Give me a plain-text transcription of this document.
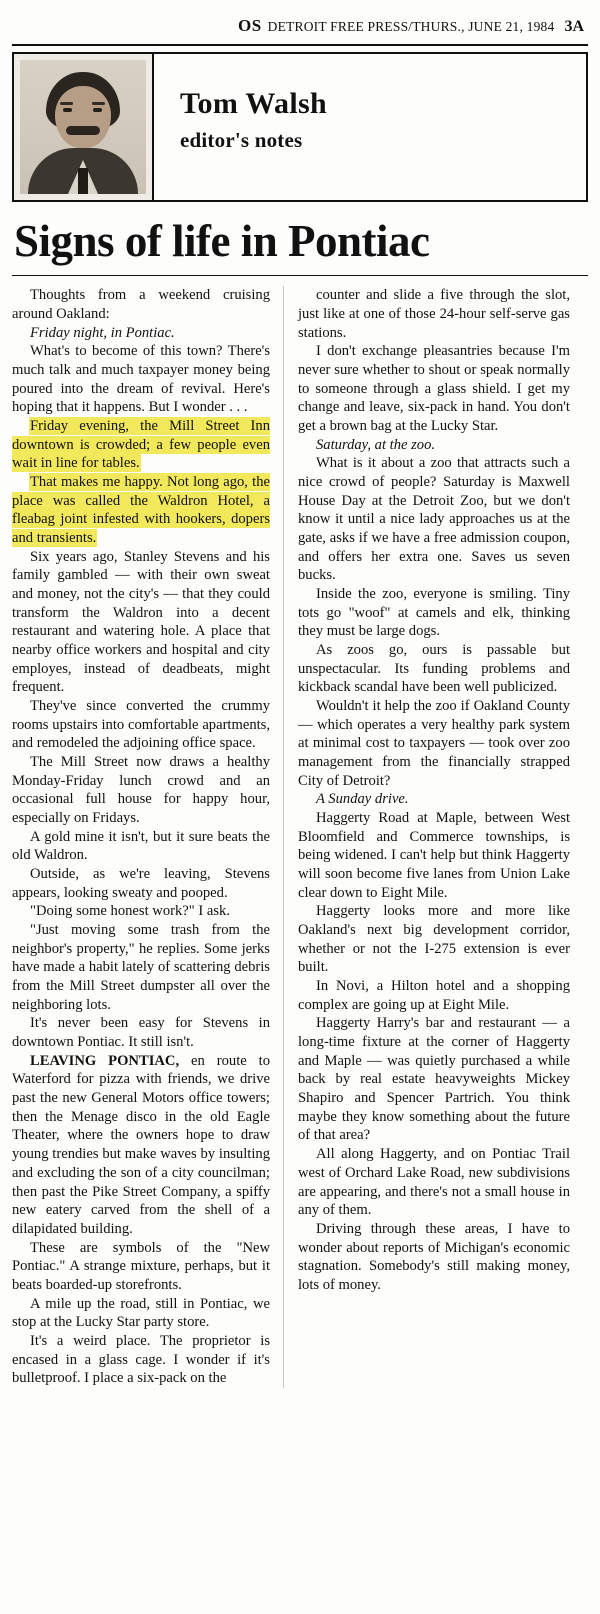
OS DETROIT FREE PRESS/THURS., JUNE 21, 1984 3A
Tom Walsh
editor's notes
Signs of life in Pontiac

Thoughts from a weekend cruising around Oakland:

Friday night, in Pontiac.

What's to become of this town? There's much talk and much taxpayer money being poured into the dream of revival. Here's hoping that it happens. But I wonder . . .

Friday evening, the Mill Street Inn downtown is crowded; a few people even wait in line for tables.

That makes me happy. Not long ago, the place was called the Waldron Hotel, a fleabag joint infested with hookers, dopers and transients.

Six years ago, Stanley Stevens and his family gambled — with their own sweat and money, not the city's — that they could transform the Waldron into a decent restaurant and watering hole. A place that nearby office workers and hospital and city employes, instead of deadbeats, might frequent.

They've since converted the crummy rooms upstairs into comfortable apartments, and remodeled the adjoining office space.

The Mill Street now draws a healthy Monday-Friday lunch crowd and an occasional full house for happy hour, especially on Fridays.

A gold mine it isn't, but it sure beats the old Waldron.

Outside, as we're leaving, Stevens appears, looking sweaty and pooped.

"Doing some honest work?" I ask.

"Just moving some trash from the neighbor's property," he replies. Some jerks have made a habit lately of scattering debris from the Mill Street dumpster all over the neighboring lots.

It's never been easy for Stevens in downtown Pontiac. It still isn't.

LEAVING PONTIAC, en route to Waterford for pizza with friends, we drive past the new General Motors office towers; then the Menage disco in the old Eagle Theater, where the owners hope to draw young trendies but make waves by insulting and excluding the son of a city councilman; then past the Pike Street Company, a spiffy new eatery carved from the shell of a dilapidated building.

These are symbols of the "New Pontiac." A strange mixture, perhaps, but it beats boarded-up storefronts.

A mile up the road, still in Pontiac, we stop at the Lucky Star party store.

It's a weird place. The proprietor is encased in a glass cage. I wonder if it's bulletproof. I place a six-pack on the

counter and slide a five through the slot, just like at one of those 24-hour self-serve gas stations.

I don't exchange pleasantries because I'm never sure whether to shout or speak normally to someone through a glass shield. I get my change and leave, six-pack in hand. You don't get a brown bag at the Lucky Star.

Saturday, at the zoo.

What is it about a zoo that attracts such a nice crowd of people? Saturday is Maxwell House Day at the Detroit Zoo, but we don't know it until a nice lady approaches us at the gate, asks if we have a free admission coupon, and offers her extra one. Saves us seven bucks.

Inside the zoo, everyone is smiling. Tiny tots go "woof" at camels and elk, thinking they must be large dogs.

As zoos go, ours is passable but unspectacular. Its funding problems and kickback scandal have been well publicized.

Wouldn't it help the zoo if Oakland County — which operates a very healthy park system at minimal cost to taxpayers — took over zoo management from the financially strapped City of Detroit?

A Sunday drive.

Haggerty Road at Maple, between West Bloomfield and Commerce townships, is being widened. I can't help but think Haggerty will soon become five lanes from Union Lake clear down to Eight Mile.

Haggerty looks more and more like Oakland's next big development corridor, whether or not the I-275 extension is ever built.

In Novi, a Hilton hotel and a shopping complex are going up at Eight Mile.

Haggerty Harry's bar and restaurant — a long-time fixture at the corner of Haggerty and Maple — was quietly purchased a while back by real estate heavyweights Mickey Shapiro and Spencer Partrich. You think maybe they know something about the future of that area?

All along Haggerty, and on Pontiac Trail west of Orchard Lake Road, new subdivisions are appearing, and there's not a small house in any of them.

Driving through these areas, I have to wonder about reports of Michigan's economic stagnation. Somebody's still making money, lots of money.
